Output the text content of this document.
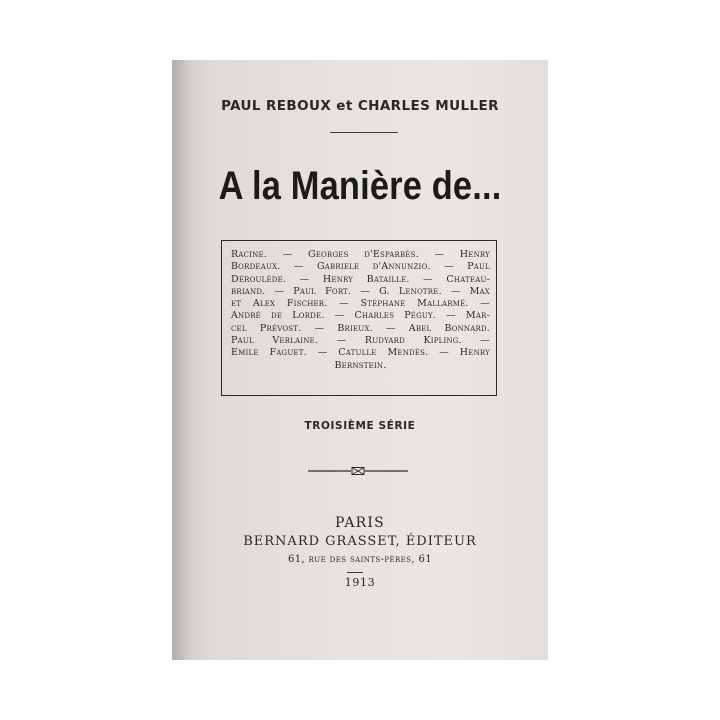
PAUL REBOUX et CHARLES MULLER
A la Manière de...
Racine. — Georges d'Esparbès. — Henry
Bordeaux. — Gabriele d'Annunzio. — Paul
Déroulède. — Henry Bataille. — Chateau-
briand. — Paul Fort. — G. Lenotre. — Max
et Alex Fischer. — Stéphane Mallarmé. —
André de Lorde. — Charles Péguy. — Mar-
cel Prévost. — Brieux. — Abel Bonnard.
Paul Verlaine. — Rudyard Kipling. —
Emile Faguet. — Catulle Mendès. — Henry
Bernstein.
TROISIÈME SÉRIE
PARIS
BERNARD GRASSET, ÉDITEUR
61, rue des saints-pères, 61
1913
